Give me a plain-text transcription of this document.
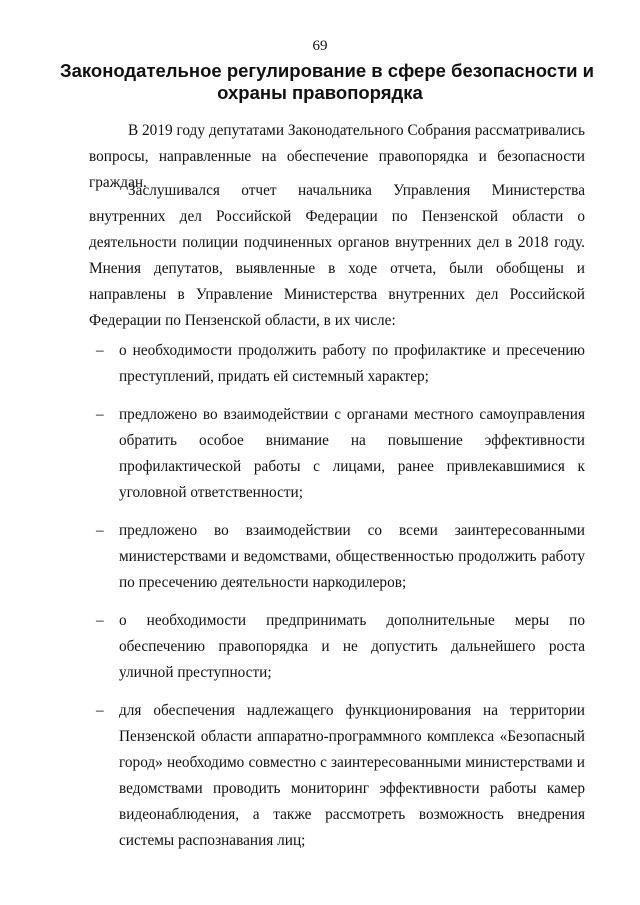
69
Законодательное регулирование в сфере безопасности и
охраны правопорядка

В 2019 году депутатами Законодательного Собрания рассматривались вопросы, направленные на обеспечение правопорядка и безопасности граждан.

Заслушивался отчет начальника Управления Министерства внутренних дел Российской Федерации по Пензенской области о деятельности полиции подчиненных органов внутренних дел в 2018 году. Мнения депутатов, выявленные в ходе отчета, были обобщены и направлены в Управление Министерства внутренних дел Российской Федерации по Пензенской области, в их числе:

– о необходимости продолжить работу по профилактике и пресечению преступлений, придать ей системный характер;
– предложено во взаимодействии с органами местного самоуправления обратить особое внимание на повышение эффективности профилактической работы с лицами, ранее привлекавшимися к уголовной ответственности;
– предложено во взаимодействии со всеми заинтересованными министерствами и ведомствами, общественностью продолжить работу по пресечению деятельности наркодилеров;
– о необходимости предпринимать дополнительные меры по обеспечению правопорядка и не допустить дальнейшего роста уличной преступности;
– для обеспечения надлежащего функционирования на территории Пензенской области аппаратно-программного комплекса «Безопасный город» необходимо совместно с заинтересованными министерствами и ведомствами проводить мониторинг эффективности работы камер видеонаблюдения, а также рассмотреть возможность внедрения системы распознавания лиц;
